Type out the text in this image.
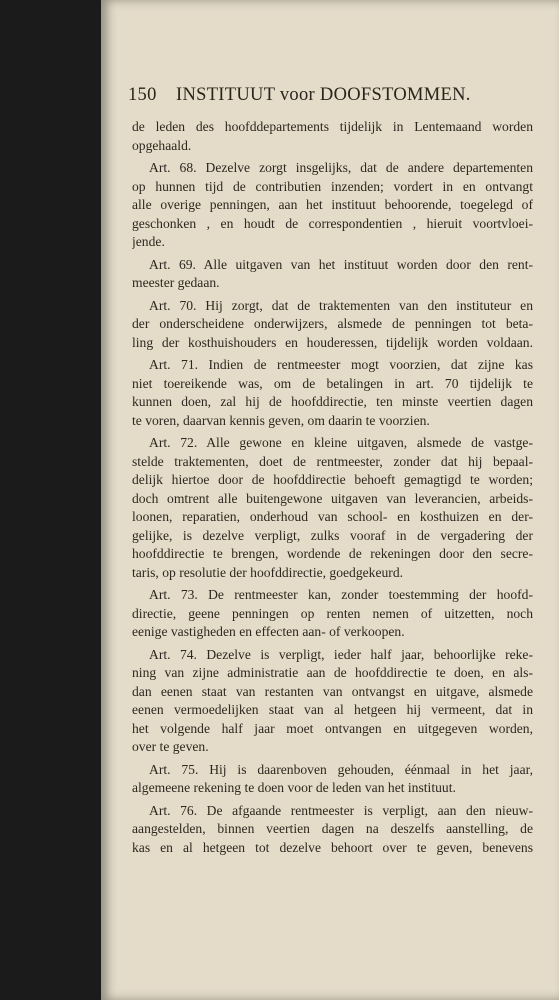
150 INSTITUUT voor DOOFSTOMMEN.
de leden des hoofddepartements tijdelijk in Lentemaand worden
opgehaald.
Art. 68. Dezelve zorgt insgelijks, dat de andere departementen
op hunnen tijd de contributien inzenden; vordert in en ontvangt
alle overige penningen, aan het instituut behoorende, toegelegd of
geschonken , en houdt de correspondentien , hieruit voortvloei-
jende.
Art. 69. Alle uitgaven van het instituut worden door den rent-
meester gedaan.
Art. 70. Hij zorgt, dat de traktementen van den instituteur en
der onderscheidene onderwijzers, alsmede de penningen tot beta-
ling der kosthuishouders en houderessen, tijdelijk worden voldaan.
Art. 71. Indien de rentmeester mogt voorzien, dat zijne kas
niet toereikende was, om de betalingen in art. 70 tijdelijk te
kunnen doen, zal hij de hoofddirectie, ten minste veertien dagen
te voren, daarvan kennis geven, om daarin te voorzien.
Art. 72. Alle gewone en kleine uitgaven, alsmede de vastge-
stelde traktementen, doet de rentmeester, zonder dat hij bepaal-
delijk hiertoe door de hoofddirectie behoeft gemagtigd te worden;
doch omtrent alle buitengewone uitgaven van leverancien, arbeids-
loonen, reparatien, onderhoud van school- en kosthuizen en der-
gelijke, is dezelve verpligt, zulks vooraf in de vergadering der
hoofddirectie te brengen, wordende de rekeningen door den secre-
taris, op resolutie der hoofddirectie, goedgekeurd.
Art. 73. De rentmeester kan, zonder toestemming der hoofd-
directie, geene penningen op renten nemen of uitzetten, noch
eenige vastigheden en effecten aan- of verkoopen.
Art. 74. Dezelve is verpligt, ieder half jaar, behoorlijke reke-
ning van zijne administratie aan de hoofddirectie te doen, en als-
dan eenen staat van restanten van ontvangst en uitgave, alsmede
eenen vermoedelijken staat van al hetgeen hij vermeent, dat in
het volgende half jaar moet ontvangen en uitgegeven worden,
over te geven.
Art. 75. Hij is daarenboven gehouden, éénmaal in het jaar,
algemeene rekening te doen voor de leden van het instituut.
Art. 76. De afgaande rentmeester is verpligt, aan den nieuw-
aangestelden, binnen veertien dagen na deszelfs aanstelling, de
kas en al hetgeen tot dezelve behoort over te geven, benevens
